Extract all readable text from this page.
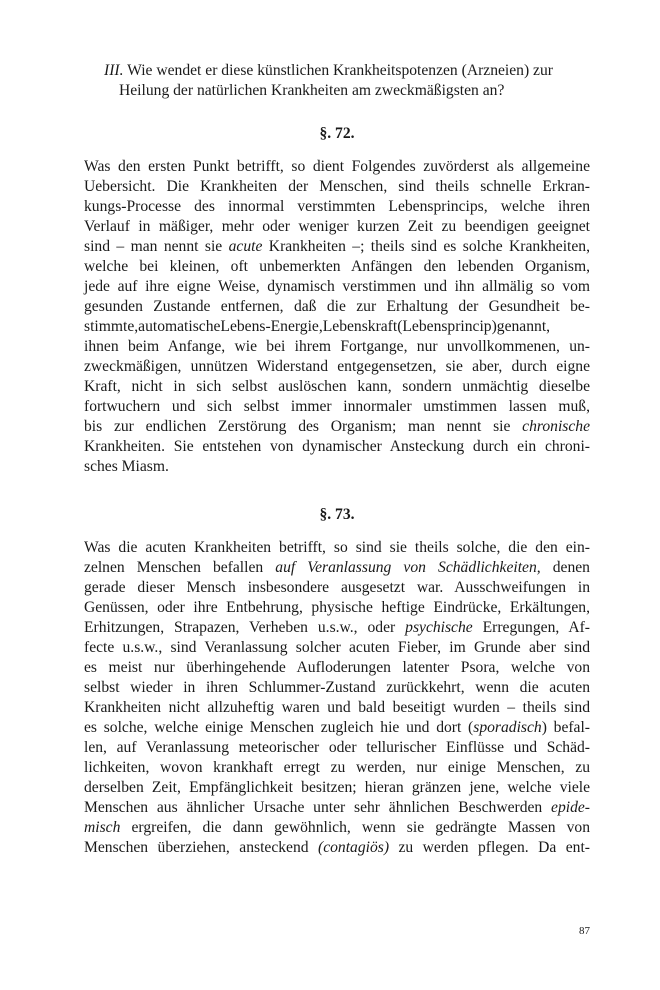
III. Wie wendet er diese künstlichen Krankheitspotenzen (Arzneien) zur

Heilung der natürlichen Krankheiten am zweckmäßigsten an?

§. 72.

Was den ersten Punkt betrifft, so dient Folgendes zuvörderst als allgemeine

Uebersicht. Die Krankheiten der Menschen, sind theils schnelle Erkran-

kungs-Processe des innormal verstimmten Lebensprincips, welche ihren

Verlauf in mäßiger, mehr oder weniger kurzen Zeit zu beendigen geeignet

sind – man nennt sie acute Krankheiten –; theils sind es solche Krankheiten,

welche bei kleinen, oft unbemerkten Anfängen den lebenden Organism,

jede auf ihre eigne Weise, dynamisch verstimmen und ihn allmälig so vom

gesunden Zustande entfernen, daß die zur Erhaltung der Gesundheit be-

stimmte,automatischeLebens-Energie,Lebenskraft(Lebensprincip)genannt,

ihnen beim Anfange, wie bei ihrem Fortgange, nur unvollkommenen, un-

zweckmäßigen, unnützen Widerstand entgegensetzen, sie aber, durch eigne

Kraft, nicht in sich selbst auslöschen kann, sondern unmächtig dieselbe

fortwuchern und sich selbst immer innormaler umstimmen lassen muß,

bis zur endlichen Zerstörung des Organism; man nennt sie chronische

Krankheiten. Sie entstehen von dynamischer Ansteckung durch ein chroni-

sches Miasm.

§. 73.

Was die acuten Krankheiten betrifft, so sind sie theils solche, die den ein-

zelnen Menschen befallen auf Veranlassung von Schädlichkeiten, denen

gerade dieser Mensch insbesondere ausgesetzt war. Ausschweifungen in

Genüssen, oder ihre Entbehrung, physische heftige Eindrücke, Erkältungen,

Erhitzungen, Strapazen, Verheben u.s.w., oder psychische Erregungen, Af-

fecte u.s.w., sind Veranlassung solcher acuten Fieber, im Grunde aber sind

es meist nur überhingehende Aufloderungen latenter Psora, welche von

selbst wieder in ihren Schlummer-Zustand zurückkehrt, wenn die acuten

Krankheiten nicht allzuheftig waren und bald beseitigt wurden – theils sind

es solche, welche einige Menschen zugleich hie und dort (sporadisch) befal-

len, auf Veranlassung meteorischer oder tellurischer Einflüsse und Schäd-

lichkeiten, wovon krankhaft erregt zu werden, nur einige Menschen, zu

derselben Zeit, Empfänglichkeit besitzen; hieran gränzen jene, welche viele

Menschen aus ähnlicher Ursache unter sehr ähnlichen Beschwerden epide-

misch ergreifen, die dann gewöhnlich, wenn sie gedrängte Massen von

Menschen überziehen, ansteckend (contagiös) zu werden pflegen. Da ent-

87
